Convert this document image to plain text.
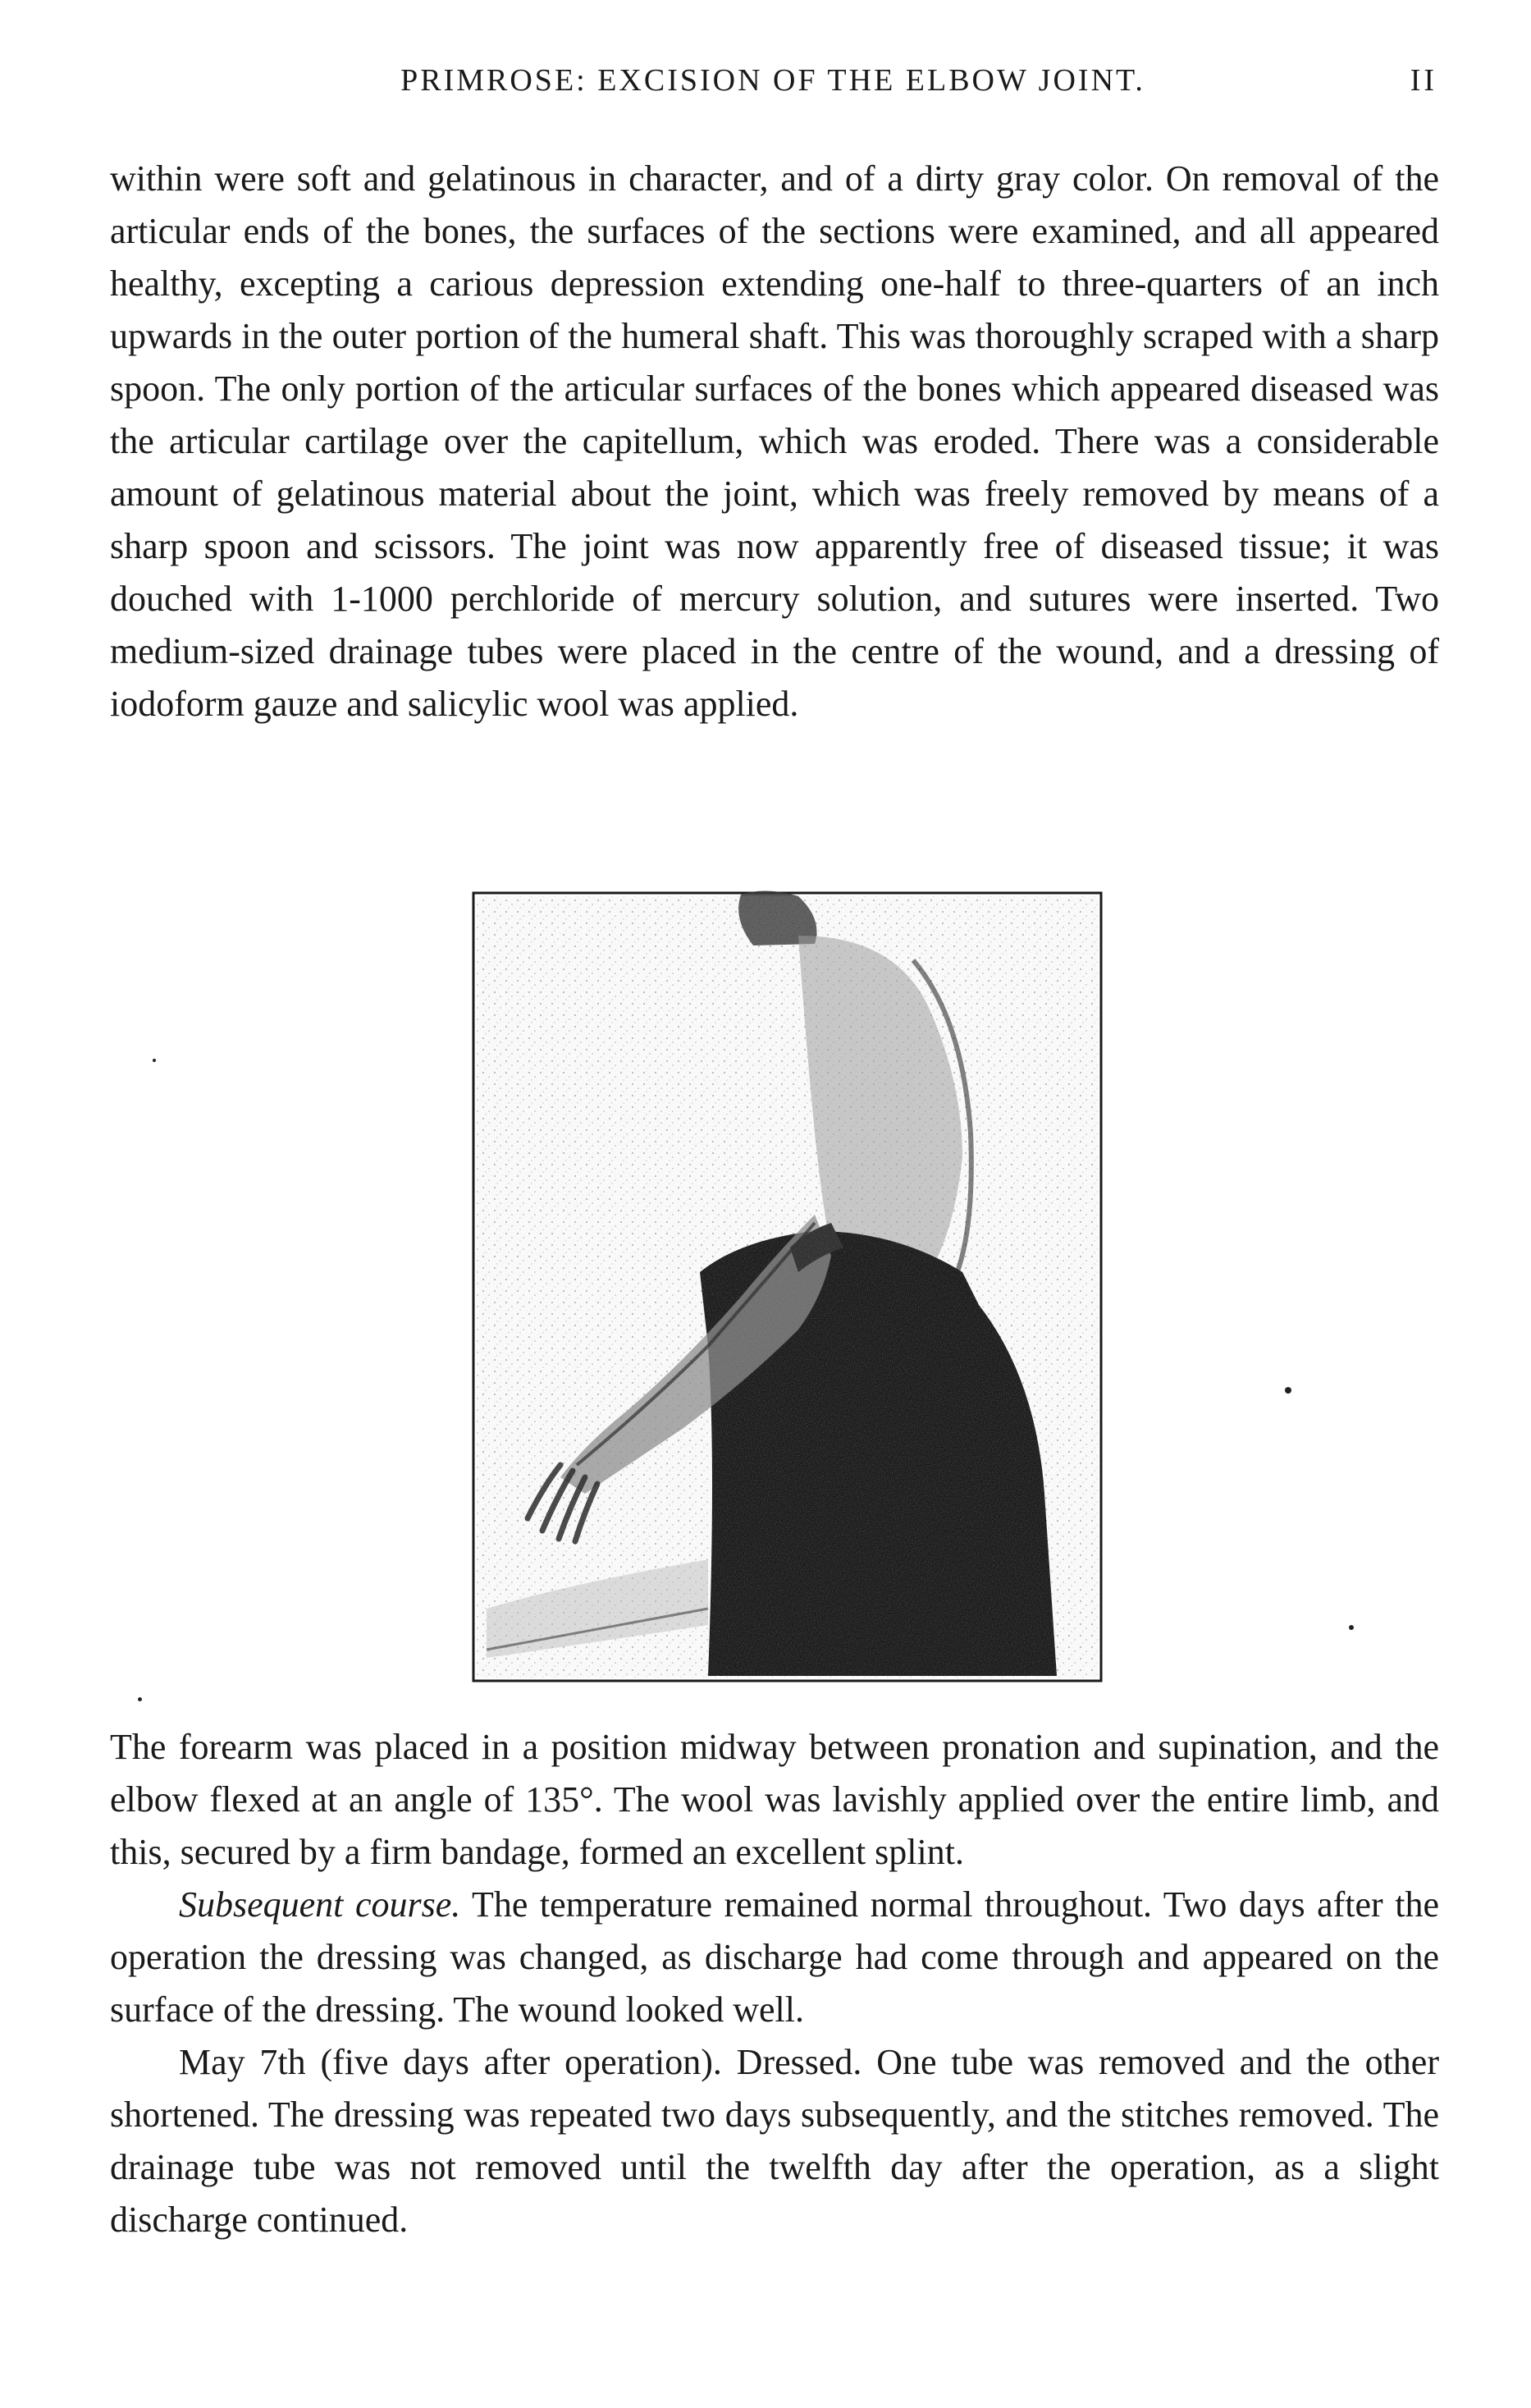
PRIMROSE: EXCISION OF THE ELBOW JOINT.	II

within were soft and gelatinous in character, and of a dirty gray color. On removal of the articular ends of the bones, the surfaces of the sections were examined, and all appeared healthy, excepting a carious depression extending one-half to three-quarters of an inch upwards in the outer portion of the humeral shaft. This was thoroughly scraped with a sharp spoon. The only portion of the articular surfaces of the bones which appeared diseased was the articular cartilage over the capitellum, which was eroded. There was a considerable amount of gelatinous material about the joint, which was freely removed by means of a sharp spoon and scissors. The joint was now apparently free of diseased tissue; it was douched with 1-1000 perchloride of mercury solution, and sutures were inserted. Two medium-sized drainage tubes were placed in the centre of the wound, and a dressing of iodoform gauze and salicylic wool was applied.

The forearm was placed in a position midway between pronation and supination, and the elbow flexed at an angle of 135°. The wool was lavishly applied over the entire limb, and this, secured by a firm bandage, formed an excellent splint.

Subsequent course. The temperature remained normal throughout. Two days after the operation the dressing was changed, as discharge had come through and appeared on the surface of the dressing. The wound looked well.

May 7th (five days after operation). Dressed. One tube was removed and the other shortened. The dressing was repeated two days subsequently, and the stitches removed. The drainage tube was not removed until the twelfth day after the operation, as a slight discharge continued.
